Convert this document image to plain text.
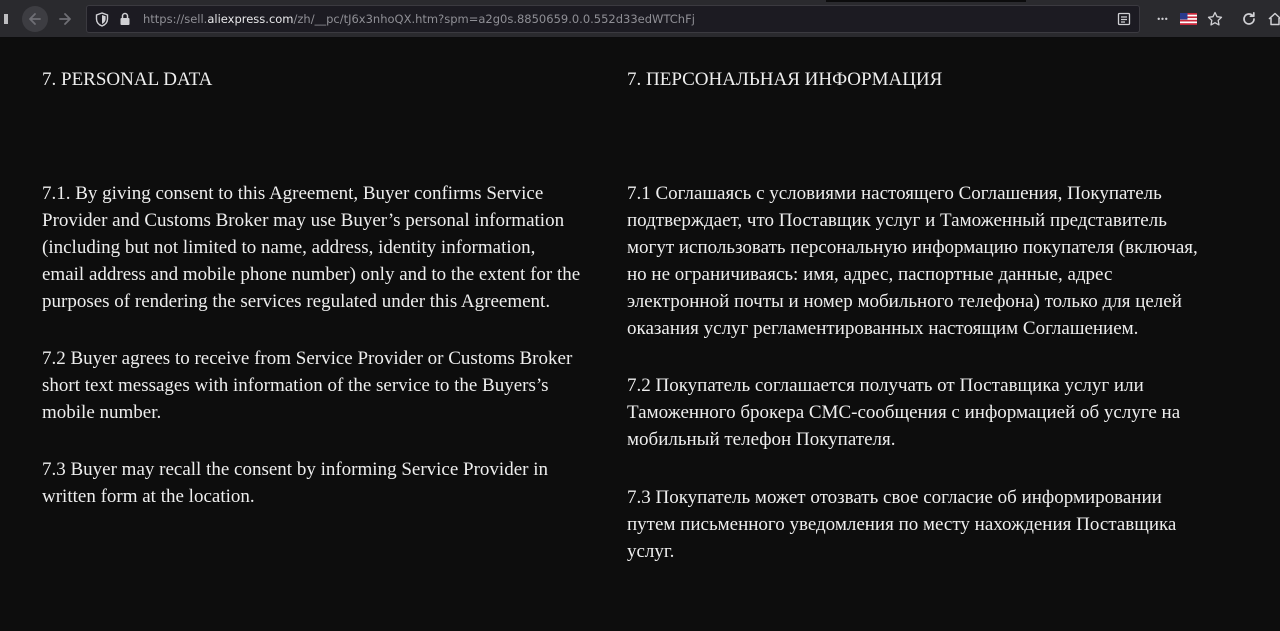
https://sell.aliexpress.com/zh/__pc/tJ6x3nhoQX.htm?spm=a2g0s.8850659.0.0.552d33edWTChFj	•••
7. PERSONAL DATA
7.1. By giving consent to this Agreement, Buyer confirms Service
Provider and Customs Broker may use Buyer’s personal information
(including but not limited to name, address, identity information,
email address and mobile phone number) only and to the extent for the
purposes of rendering the services regulated under this Agreement.
7.2 Buyer agrees to receive from Service Provider or Customs Broker
short text messages with information of the service to the Buyers’s
mobile number.
7.3 Buyer may recall the consent by informing Service Provider in
written form at the location.
7. ПЕРСОНАЛЬНАЯ ИНФОРМАЦИЯ
7.1 Соглашаясь с условиями настоящего Соглашения, Покупатель
подтверждает, что Поставщик услуг и Таможенный представитель
могут использовать персональную информацию покупателя (включая,
но не ограничиваясь: имя, адрес, паспортные данные, адрес
электронной почты и номер мобильного телефона) только для целей
оказания услуг регламентированных настоящим Соглашением.
7.2 Покупатель соглашается получать от Поставщика услуг или
Таможенного брокера СМС-сообщения с информацией об услуге на
мобильный телефон Покупателя.
7.3 Покупатель может отозвать свое согласие об информировании
путем письменного уведомления по месту нахождения Поставщика
услуг.
